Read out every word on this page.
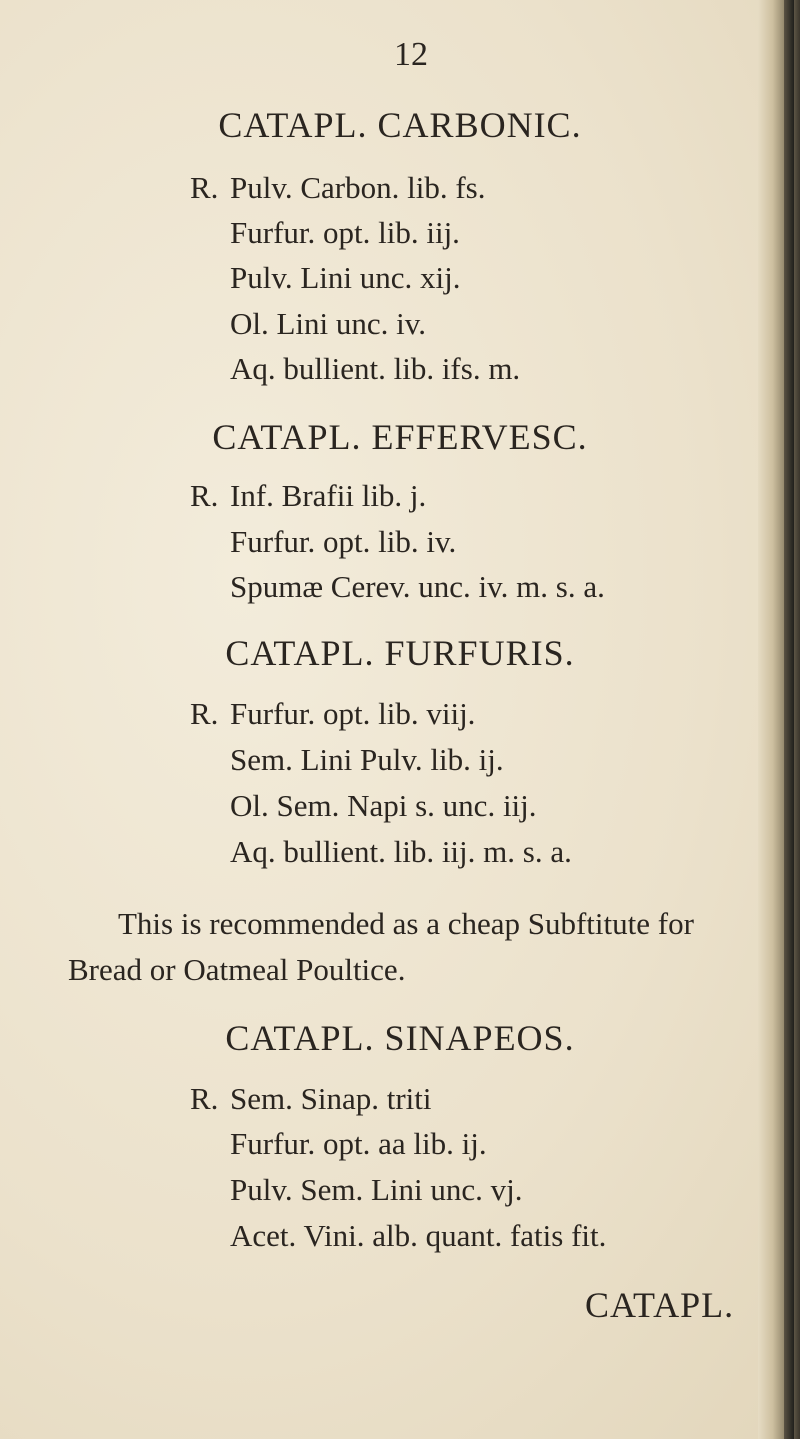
12
CATAPL. CARBONIC.
R. Pulv. Carbon. lib. fs.
Furfur. opt. lib. iij.
Pulv. Lini unc. xij.
Ol. Lini unc. iv.
Aq. bullient. lib. ifs. m.
CATAPL. EFFERVESC.
R. Inf. Brafii lib. j.
Furfur. opt. lib. iv.
Spumæ Cerev. unc. iv. m. s. a.
CATAPL. FURFURIS.
R. Furfur. opt. lib. viij.
Sem. Lini Pulv. lib. ij.
Ol. Sem. Napi s. unc. iij.
Aq. bullient. lib. iij. m. s. a.
This is recommended as a cheap Subftitute for
Bread or Oatmeal Poultice.
CATAPL. SINAPEOS.
R. Sem. Sinap. triti
Furfur. opt. aa lib. ij.
Pulv. Sem. Lini unc. vj.
Acet. Vini. alb. quant. fatis fit.
CATAPL.
